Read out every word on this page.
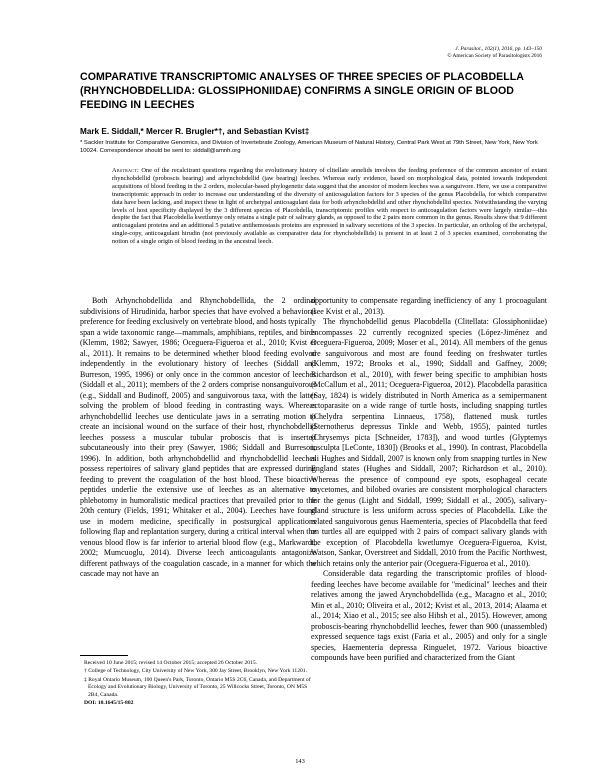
J. Parasitol., 102(1), 2016, pp. 143–150
© American Society of Parasitologists 2016
COMPARATIVE TRANSCRIPTOMIC ANALYSES OF THREE SPECIES OF PLACOBDELLA (RHYNCHOBDELLIDA: GLOSSIPHONIIDAE) CONFIRMS A SINGLE ORIGIN OF BLOOD FEEDING IN LEECHES
Mark E. Siddall,* Mercer R. Brugler*†, and Sebastian Kvist‡
* Sackler Institute for Comparative Genomics, and Division of Invertebrate Zoology, American Museum of Natural History, Central Park West at 79th Street, New York, New York 10024. Correspondence should be sent to: siddall@amnh.org
Abstract: One of the recalcitrant questions regarding the evolutionary history of clitellate annelids involves the feeding preference of the common ancestor of extant rhynchobdellid (proboscis bearing) and arhynchobdellid (jaw bearing) leeches. Whereas early evidence, based on morphological data, pointed towards independent acquisitions of blood feeding in the 2 orders, molecular-based phylogenetic data suggest that the ancestor of modern leeches was a sanguivore. Here, we use a comparative transcriptomic approach in order to increase our understanding of the diversity of anticoagulation factors for 3 species of the genus Placobdella, for which comparative data have been lacking, and inspect these in light of archetypal anticoagulant data for both arhynchobdellid and other rhynchobdellid species. Notwithstanding the varying levels of host specificity displayed by the 3 different species of Placobdella, transcriptomic profiles with respect to anticoagulation factors were largely similar—this despite the fact that Placobdella kwetlumye only retains a single pair of salivary glands, as opposed to the 2 pairs more common in the genus. Results show that 9 different anticoagulant proteins and an additional 5 putative antihemostasis proteins are expressed in salivary secretions of the 3 species. In particular, an ortholog of the archetypal, single-copy, anticoagulant hirudin (not previously available as comparative data for rhynchobdellids) is present in at least 2 of 3 species examined, corroborating the notion of a single origin of blood feeding in the ancestral leech.

Both Arhynchobdellida and Rhynchobdellida, the 2 ordinal subdivisions of Hirudinida, harbor species that have evolved a behavioral preference for feeding exclusively on vertebrate blood, and hosts typically span a wide taxonomic range—mammals, amphibians, reptiles, and birds (Klemm, 1982; Sawyer, 1986; Oceguera-Figueroa et al., 2010; Kvist et al., 2011). It remains to be determined whether blood feeding evolved independently in the evolutionary history of leeches (Siddall and Burreson, 1995, 1996) or only once in the common ancestor of leeches (Siddall et al., 2011); members of the 2 orders comprise nonsanguivorous (e.g., Siddall and Budinoff, 2005) and sanguivorous taxa, with the latter solving the problem of blood feeding in contrasting ways. Whereas arhynchobdellid leeches use denticulate jaws in a serrating motion to create an incisional wound on the surface of their host, rhynchobdellid leeches possess a muscular tubular proboscis that is inserted subcutaneously into their prey (Sawyer, 1986; Siddall and Burreson, 1996). In addition, both arhynchobdellid and rhynchobdellid leeches possess repertoires of salivary gland peptides that are expressed during feeding to prevent the coagulation of the host blood. These bioactive peptides underlie the extensive use of leeches as an alternative to phlebotomy in humoralistic medical practices that prevailed prior to the 20th century (Fields, 1991; Whitaker et al., 2004). Leeches have found use in modern medicine, specifically in postsurgical applications following flap and replantation surgery, during a critical interval when the venous blood flow is far inferior to arterial blood flow (e.g., Markwardt, 2002; Mumcuoglu, 2014). Diverse leech anticoagulants antagonize different pathways of the coagulation cascade, in a manner for which the cascade may not have an

opportunity to compensate regarding inefficiency of any 1 procoagulant (see Kvist et al., 2013).

The rhynchobdellid genus Placobdella (Clitellata: Glossiphoniidae) encompasses 22 currently recognized species (López-Jiménez and Oceguera-Figueroa, 2009; Moser et al., 2014). All members of the genus are sanguivorous and most are found feeding on freshwater turtles (Klemm, 1972; Brooks et al., 1990; Siddall and Gaffney, 2009; Richardson et al., 2010), with fewer being specific to amphibian hosts (McCallum et al., 2011; Oceguera-Figueroa, 2012). Placobdella parasitica (Say, 1824) is widely distributed in North America as a semipermanent ectoparasite on a wide range of turtle hosts, including snapping turtles (Chelydra serpentina Linnaeus, 1758), flattened musk turtles (Sternotherus depressus Tinkle and Webb, 1955), painted turtles (Chrysemys picta [Schneider, 1783]), and wood turtles (Glyptemys insculpta [LeConte, 1830]) (Brooks et al., 1990). In contrast, Placobdella ali Hughes and Siddall, 2007 is known only from snapping turtles in New England states (Hughes and Siddall, 2007; Richardson et al., 2010). Whereas the presence of compound eye spots, esophageal cecate mycetomes, and bilobed ovaries are consistent morphological characters for the genus (Light and Siddall, 1999; Siddall et al., 2005), salivary-gland structure is less uniform across species of Placobdella. Like the related sanguivorous genus Haementeria, species of Placobdella that feed on turtles all are equipped with 2 pairs of compact salivary glands with the exception of Placobdella kwetlumye Oceguera-Figueroa, Kvist, Watson, Sankar, Overstreet and Siddall, 2010 from the Pacific Northwest, which retains only the anterior pair (Oceguera-Figueroa et al., 2010).

Considerable data regarding the transcriptomic profiles of blood-feeding leeches have become available for "medicinal" leeches and their relatives among the jawed Arynchobdellida (e.g., Macagno et al., 2010; Min et al., 2010; Oliveira et al., 2012; Kvist et al., 2013, 2014; Alaama et al., 2014; Xiao et al., 2015; see also Hibsh et al., 2015). However, among proboscis-bearing rhynchobdellid leeches, fewer than 900 (unassembled) expressed sequence tags exist (Faria et al., 2005) and only for a single species, Haementeria depressa Ringuelet, 1972. Various bioactive compounds have been purified and characterized from the Giant

Received 10 June 2015; revised 14 October 2015; accepted 26 October 2015.

† College of Technology, City University of New York, 300 Jay Street, Brooklyn, New York 11201.

‡ Royal Ontario Museum, 100 Queen's Park, Toronto, Ontario M5S 2C6, Canada, and Department of Ecology and Evolutionary Biology, University of Toronto, 25 Willcocks Street, Toronto, ON M5S 2B4, Canada.

DOI: 10.1645/15-802

143
